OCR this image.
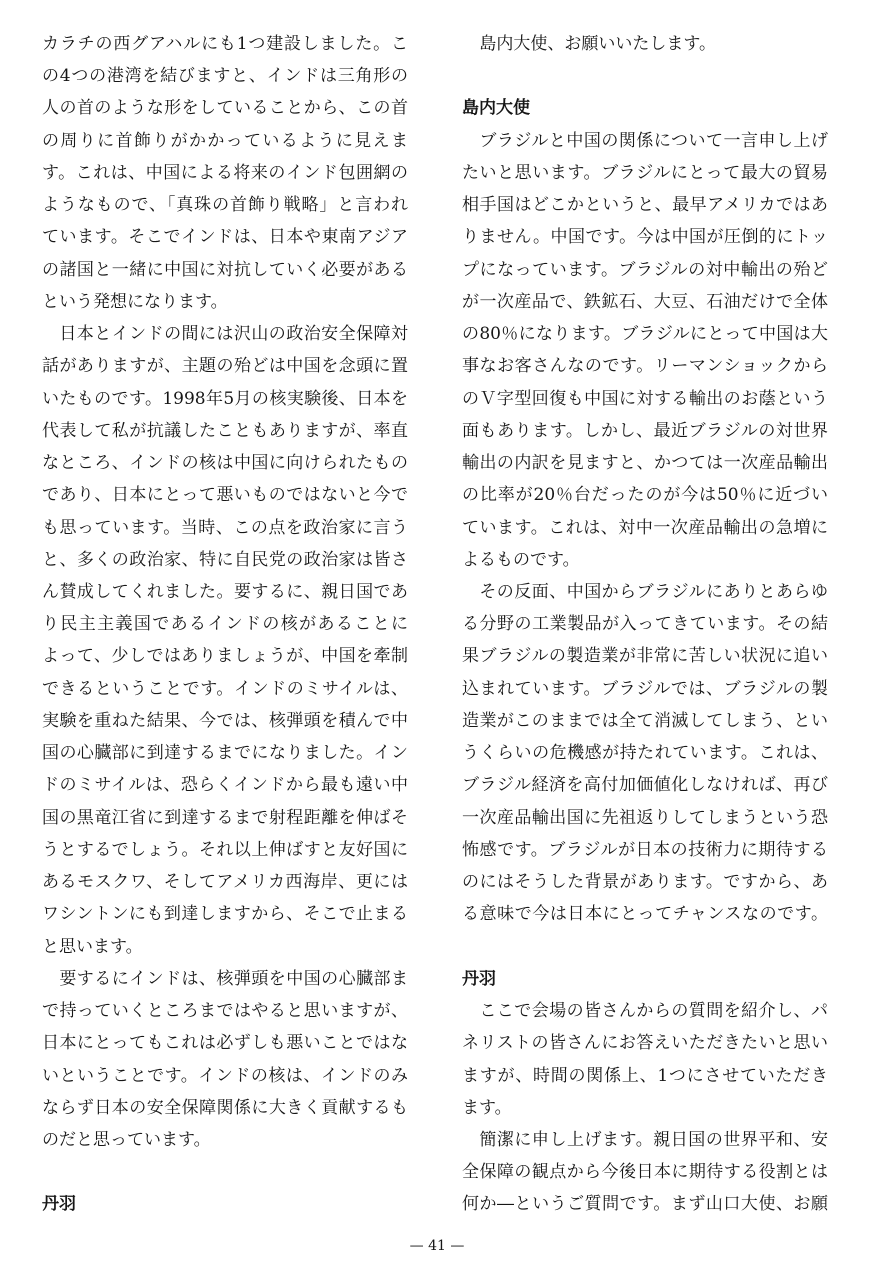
カラチの西グアハルにも1つ建設しました。こ
の4つの港湾を結びますと、インドは三角形の
人の首のような形をしていることから、この首
の周りに首飾りがかかっているように見えま
す。これは、中国による将来のインド包囲網の
ようなもので、「真珠の首飾り戦略」と言われ
ています。そこでインドは、日本や東南アジア
の諸国と一緒に中国に対抗していく必要がある
という発想になります。
日本とインドの間には沢山の政治安全保障対
話がありますが、主題の殆どは中国を念頭に置
いたものです。1998年5月の核実験後、日本を
代表して私が抗議したこともありますが、率直
なところ、インドの核は中国に向けられたもの
であり、日本にとって悪いものではないと今で
も思っています。当時、この点を政治家に言う
と、多くの政治家、特に自民党の政治家は皆さ
ん賛成してくれました。要するに、親日国であ
り民主主義国であるインドの核があることに
よって、少しではありましょうが、中国を牽制
できるということです。インドのミサイルは、
実験を重ねた結果、今では、核弾頭を積んで中
国の心臓部に到達するまでになりました。イン
ドのミサイルは、恐らくインドから最も遠い中
国の黒竜江省に到達するまで射程距離を伸ばそ
うとするでしょう。それ以上伸ばすと友好国に
あるモスクワ、そしてアメリカ西海岸、更には
ワシントンにも到達しますから、そこで止まる
と思います。
要するにインドは、核弾頭を中国の心臓部ま
で持っていくところまではやると思いますが、
日本にとってもこれは必ずしも悪いことではな
いということです。インドの核は、インドのみ
ならず日本の安全保障関係に大きく貢献するも
のだと思っています。
丹羽
島内大使、お願いいたします。
島内大使
ブラジルと中国の関係について一言申し上げ
たいと思います。ブラジルにとって最大の貿易
相手国はどこかというと、最早アメリカではあ
りません。中国です。今は中国が圧倒的にトッ
プになっています。ブラジルの対中輸出の殆ど
が一次産品で、鉄鉱石、大豆、石油だけで全体
の80％になります。ブラジルにとって中国は大
事なお客さんなのです。リーマンショックから
のＶ字型回復も中国に対する輸出のお蔭という
面もあります。しかし、最近ブラジルの対世界
輸出の内訳を見ますと、かつては一次産品輸出
の比率が20％台だったのが今は50％に近づい
ています。これは、対中一次産品輸出の急増に
よるものです。
その反面、中国からブラジルにありとあらゆ
る分野の工業製品が入ってきています。その結
果ブラジルの製造業が非常に苦しい状況に追い
込まれています。ブラジルでは、ブラジルの製
造業がこのままでは全て消滅してしまう、とい
うくらいの危機感が持たれています。これは、
ブラジル経済を高付加価値化しなければ、再び
一次産品輸出国に先祖返りしてしまうという恐
怖感です。ブラジルが日本の技術力に期待する
のにはそうした背景があります。ですから、あ
る意味で今は日本にとってチャンスなのです。
丹羽
ここで会場の皆さんからの質問を紹介し、パ
ネリストの皆さんにお答えいただきたいと思い
ますが、時間の関係上、1つにさせていただき
ます。
簡潔に申し上げます。親日国の世界平和、安
全保障の観点から今後日本に期待する役割とは
何か―というご質問です。まず山口大使、お願
— 41 —
